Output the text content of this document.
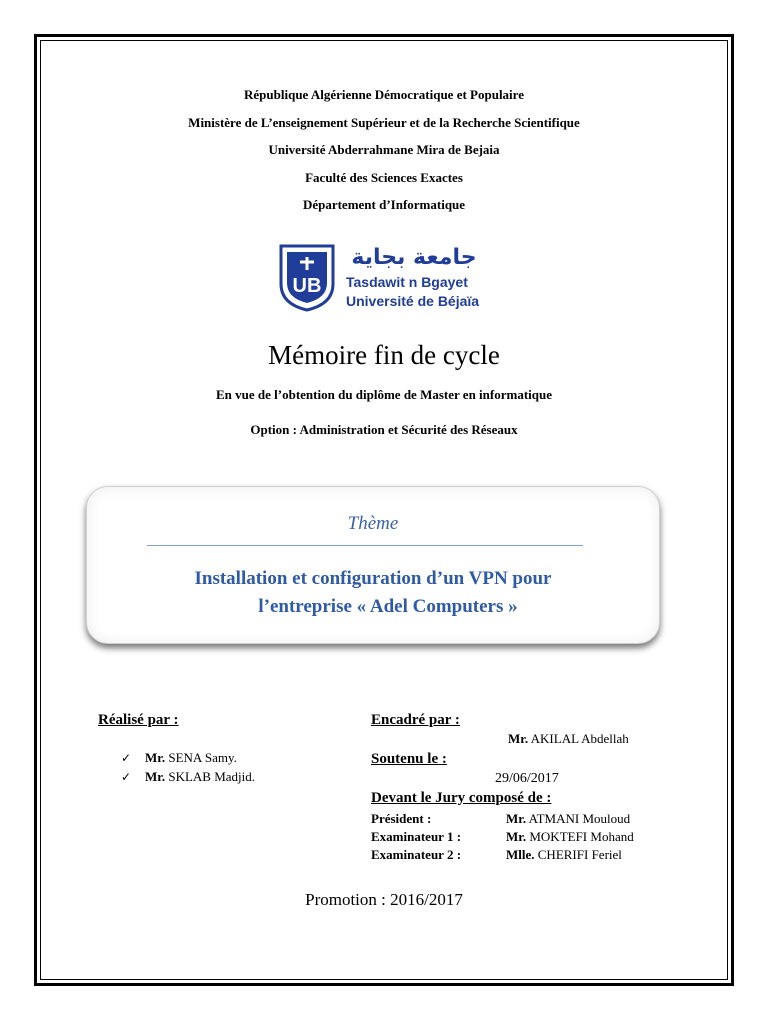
République Algérienne Démocratique et Populaire
Ministère de L’enseignement Supérieur et de la Recherche Scientifique
Université Abderrahmane Mira de Bejaia
Faculté des Sciences Exactes
Département d’Informatique
UB
جامعة بجاية
Tasdawit n Bgayet
Université de Béjaïa
Mémoire fin de cycle
En vue de l’obtention du diplôme de Master en informatique
Option : Administration et Sécurité des Réseaux
Thème
Installation et configuration d’un VPN pour
l’entreprise « Adel Computers »
Réalisé par :
✓ Mr. SENA Samy.
✓ Mr. SKLAB Madjid.
Encadré par :
Mr. AKILAL Abdellah
Soutenu le :
29/06/2017
Devant le Jury composé de :
Président :	Mr. ATMANI Mouloud
Examinateur 1 :	Mr. MOKTEFI Mohand
Examinateur 2 :	Mlle. CHERIFI Feriel
Promotion : 2016/2017
